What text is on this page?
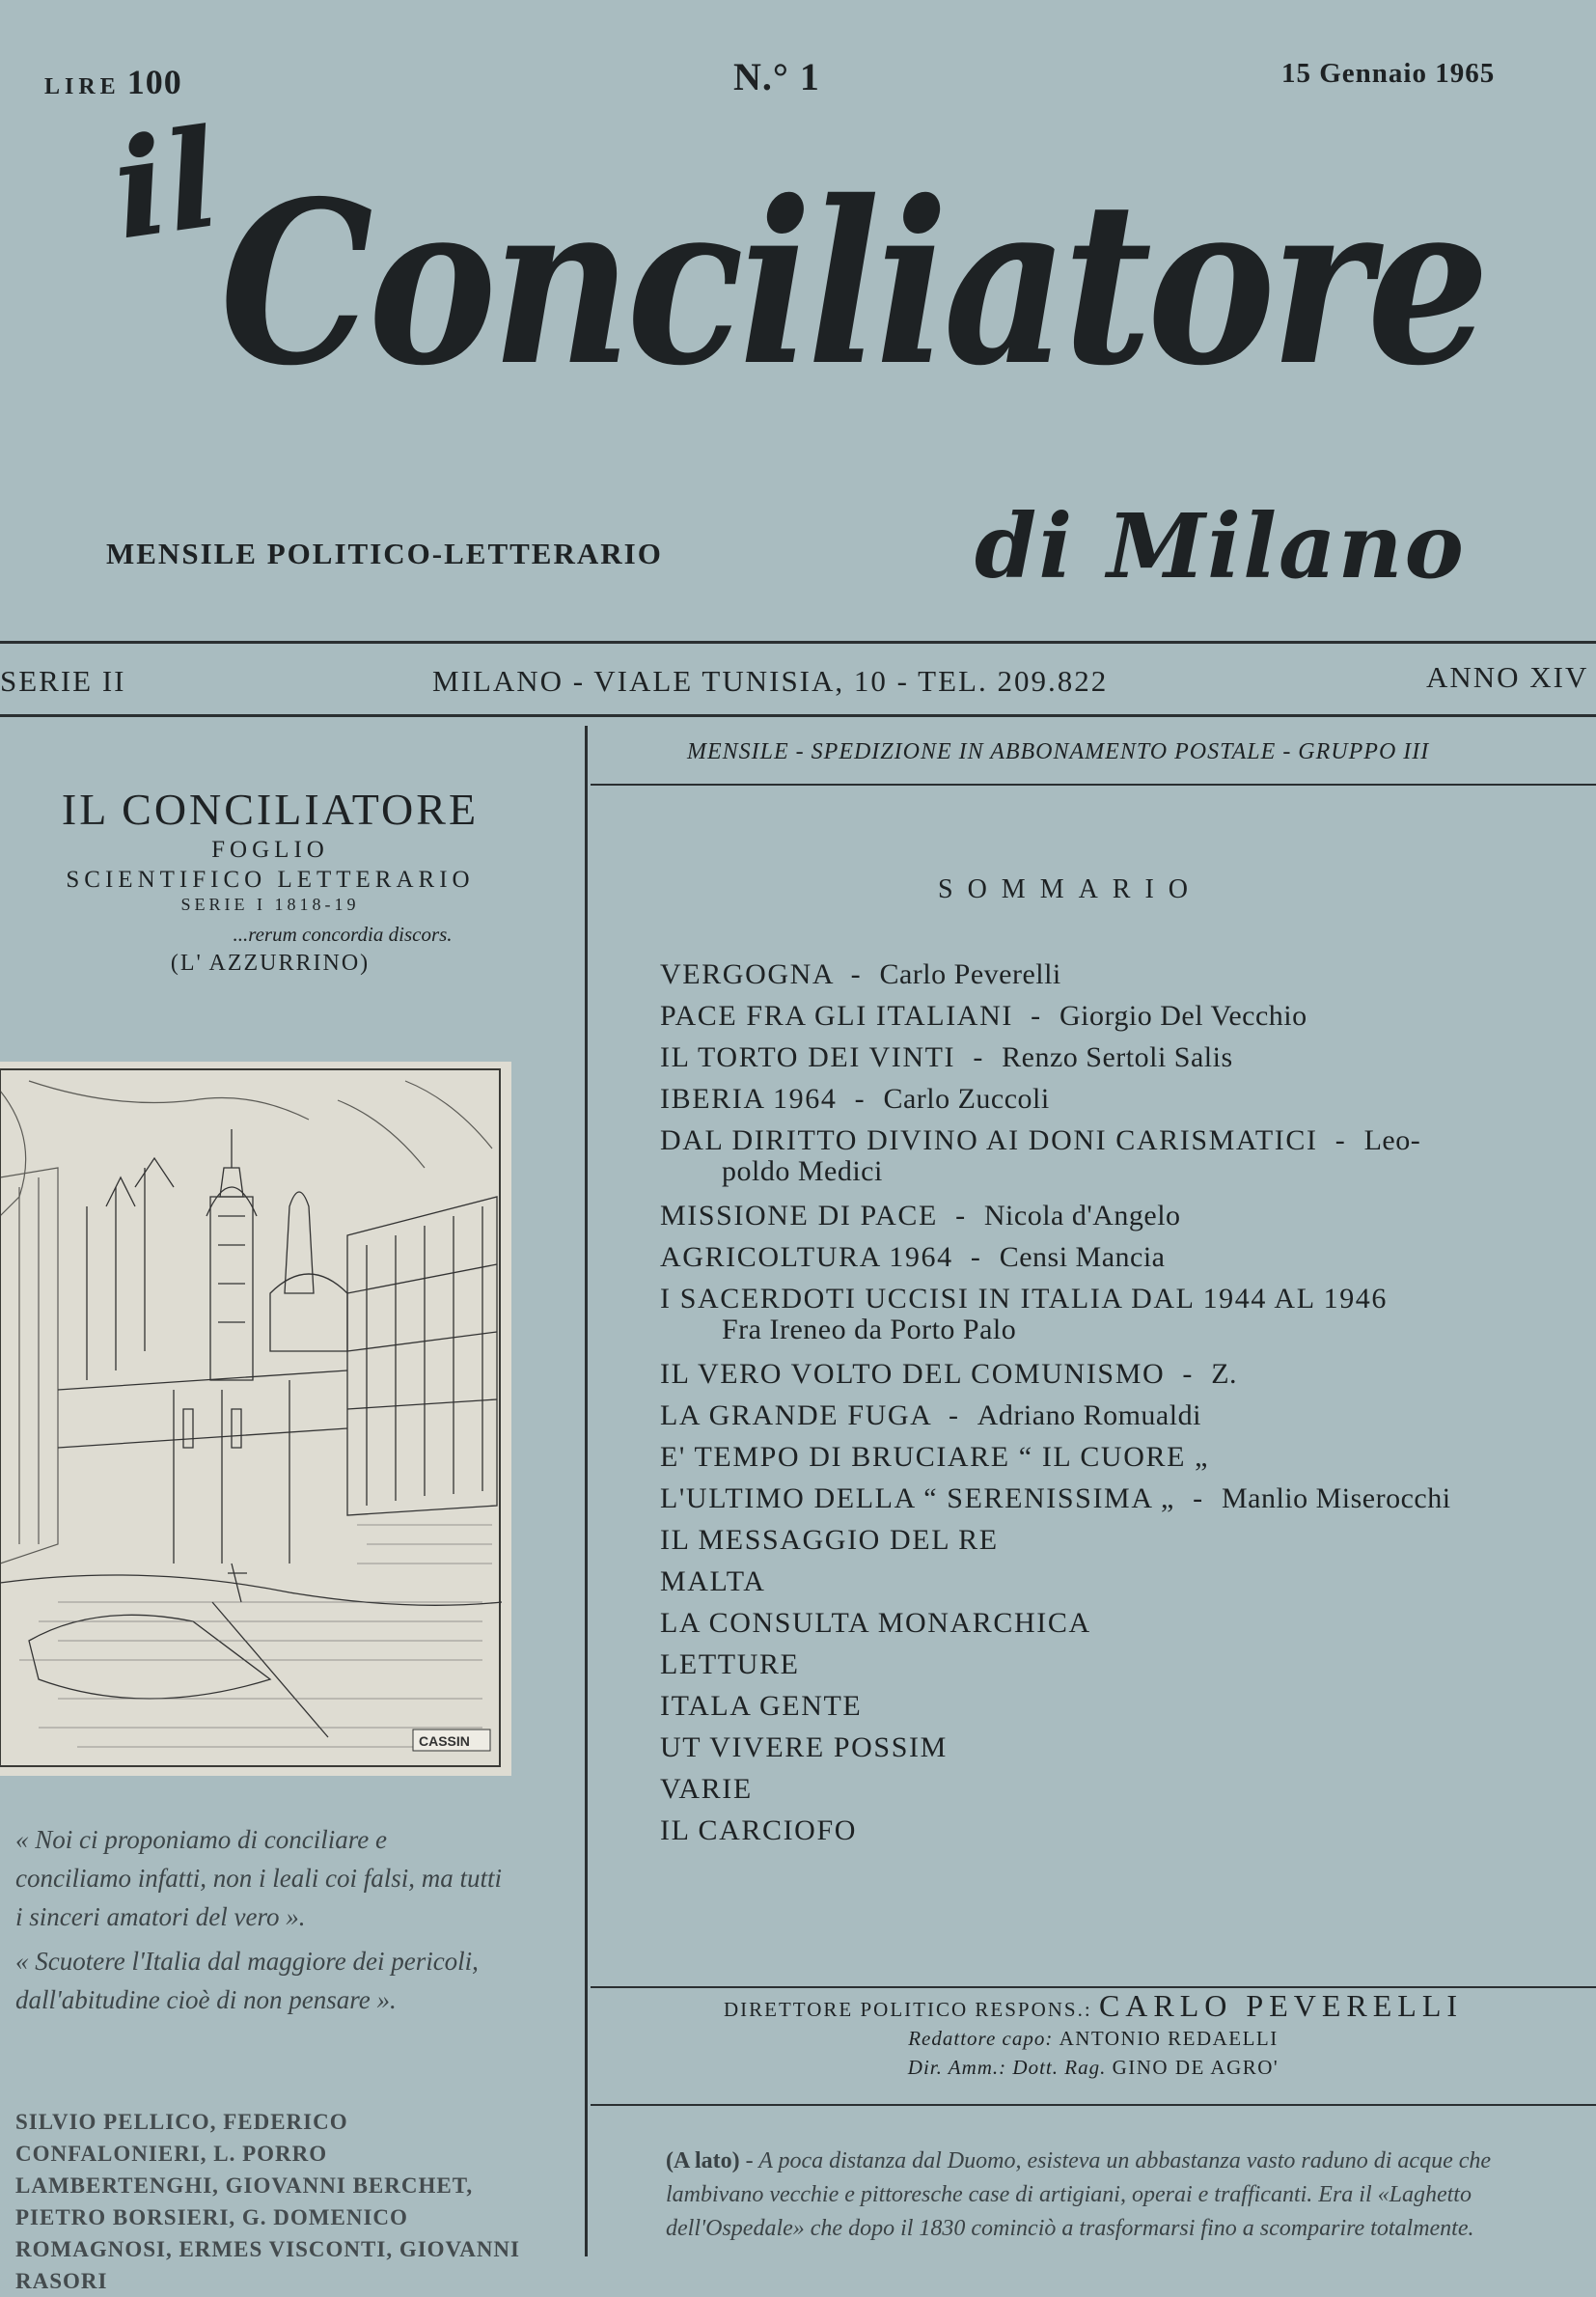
LIRE 100	N.° 1	15 Gennaio 1965
il
Conciliatore
MENSILE POLITICO-LETTERARIO	di Milano
SERIE II	MILANO - VIALE TUNISIA, 10 - TEL. 209.822	ANNO XIV
MENSILE - SPEDIZIONE IN ABBONAMENTO POSTALE - GRUPPO III
IL CONCILIATORE
FOGLIO
SCIENTIFICO LETTERARIO
SERIE I 1818-19
...rerum concordia discors.
(L' AZZURRINO)
CASSIN
« Noi ci proponiamo di conciliare e conciliamo infatti, non i leali coi falsi, ma tutti i sinceri amatori del vero ».
« Scuotere l'Italia dal maggiore dei pericoli, dall'abitudine cioè di non pensare ».
SILVIO PELLICO, FEDERICO CONFALONIERI, L. PORRO LAMBERTENGHI, GIOVANNI BERCHET, PIETRO BORSIERI, G. DOMENICO ROMAGNOSI, ERMES VISCONTI, GIOVANNI RASORI
SOMMARIO
VERGOGNA  -  Carlo Peverelli
PACE FRA GLI ITALIANI  -  Giorgio Del Vecchio
IL TORTO DEI VINTI  -  Renzo Sertoli Salis
IBERIA 1964  -  Carlo Zuccoli
DAL DIRITTO DIVINO AI DONI CARISMATICI  -  Leo-
poldo Medici
MISSIONE DI PACE  -  Nicola d'Angelo
AGRICOLTURA 1964  -  Censi Mancia
I SACERDOTI UCCISI IN ITALIA DAL 1944 AL 1946
Fra Ireneo da Porto Palo
IL VERO VOLTO DEL COMUNISMO  -  Z.
LA GRANDE FUGA  -  Adriano Romualdi
E' TEMPO DI BRUCIARE “ IL CUORE „
L'ULTIMO DELLA “ SERENISSIMA „  -  Manlio Miserocchi
IL MESSAGGIO DEL RE
MALTA
LA CONSULTA MONARCHICA
LETTURE
ITALA GENTE
UT VIVERE POSSIM
VARIE
IL CARCIOFO
DIRETTORE POLITICO RESPONS.: CARLO PEVERELLI
Redattore capo: ANTONIO REDAELLI
Dir. Amm.: Dott. Rag. GINO DE AGRO'
(A lato) - A poca distanza dal Duomo, esisteva un abbastanza vasto raduno di acque che lambivano vecchie e pittoresche case di artigiani, operai e trafficanti. Era il «Laghetto dell'Ospedale» che dopo il 1830 cominciò a trasformarsi fino a scomparire totalmente.
